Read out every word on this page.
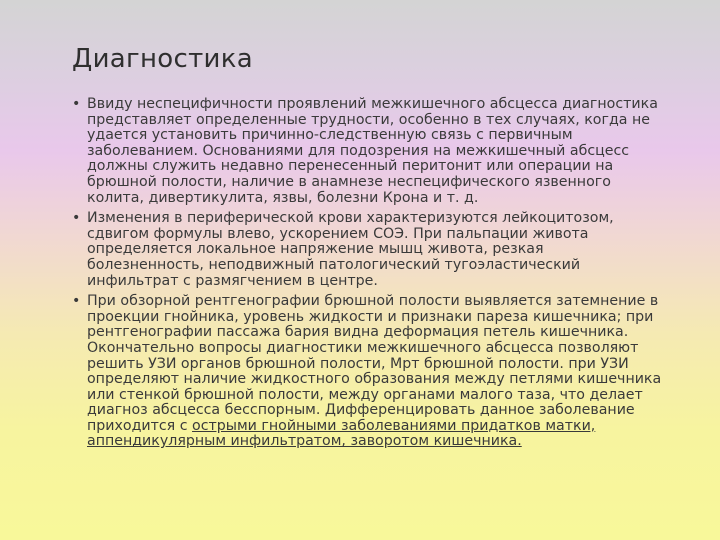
Диагностика
• Ввиду неспецифичности проявлений межкишечного абсцесса диагностика представляет определенные трудности, особенно в тех случаях, когда не удается установить причинно-следственную связь с первичным заболеванием. Основаниями для подозрения на межкишечный абсцесс должны служить недавно перенесенный перитонит или операции на брюшной полости, наличие в анамнезе неспецифического язвенного колита, дивертикулита, язвы, болезни Крона и т. д.
• Изменения в периферической крови характеризуются лейкоцитозом, сдвигом формулы влево, ускорением СОЭ. При пальпации живота определяется локальное напряжение мышц живота, резкая болезненность, неподвижный патологический тугоэластический инфильтрат с размягчением в центре.
• При обзорной рентгенографии брюшной полости выявляется затемнение в проекции гнойника, уровень жидкости и признаки пареза кишечника; при рентгенографии пассажа бария видна деформация петель кишечника. Окончательно вопросы диагностики межкишечного абсцесса позволяют решить УЗИ органов брюшной полости, Мрт брюшной полости. при УЗИ определяют наличие жидкостного образования между петлями кишечника или стенкой брюшной полости, между органами малого таза, что делает диагноз абсцесса бесспорным. Дифференцировать данное заболевание приходится с острыми гнойными заболеваниями придатков матки, аппендикулярным инфильтратом, заворотом кишечника.
